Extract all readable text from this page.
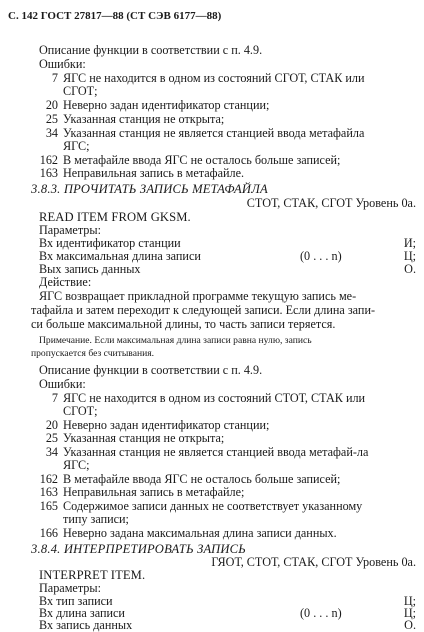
С. 142 ГОСТ 27817—88 (СТ СЭВ 6177—88)
Описание функции в соответствии с п. 4.9.
Ошибки:
7 ЯГС не находится в одном из состояний СГОТ, СТАК или
СГОТ;
20 Неверно задан идентификатор станции;
25 Указанная станция не открыта;
34 Указанная станция не является станцией ввода метафайла
ЯГС;
162 В метафайле ввода ЯГС не осталось больше записей;
163 Неправильная запись в метафайле.
3.8.3. ПРОЧИТАТЬ ЗАПИСЬ МЕТАФАЙЛА
СТОТ, СТАК, СГОТ Уровень 0а.
READ ITEM FROM GKSM.
Параметры:
Вх идентификатор станции	И;
Вх максимальная длина записи	(0 . . . n)	Ц;
Вых запись данных	О.
Действие:
ЯГС возвращает прикладной программе текущую запись ме-
тафайла и затем переходит к следующей записи. Если длина запи-
си больше максимальной длины, то часть записи теряется.
Примечание. Если максимальная длина записи равна нулю, запись
пропускается без считывания.
Описание функции в соответствии с п. 4.9.
Ошибки:
7 ЯГС не находится в одном из состояний СТОТ, СТАК или
СГОТ;
20 Неверно задан идентификатор станции;
25 Указанная станция не открыта;
34 Указанная станция не является станцией ввода метафай-ла
ЯГС;
162 В метафайле ввода ЯГС не осталось больше записей;
163 Неправильная запись в метафайле;
165 Содержимое записи данных не соответствует указанному
типу записи;
166 Неверно задана максимальная длина записи данных.
3.8.4. ИНТЕРПРЕТИРОВАТЬ ЗАПИСЬ
ГЯОТ, СТОТ, СТАК, СГОТ Уровень 0а.
INTERPRET ITEM.
Параметры:
Вх тип записи	Ц;
Вх длина записи	(0 . . . n)	Ц;
Вх запись данных	О.
